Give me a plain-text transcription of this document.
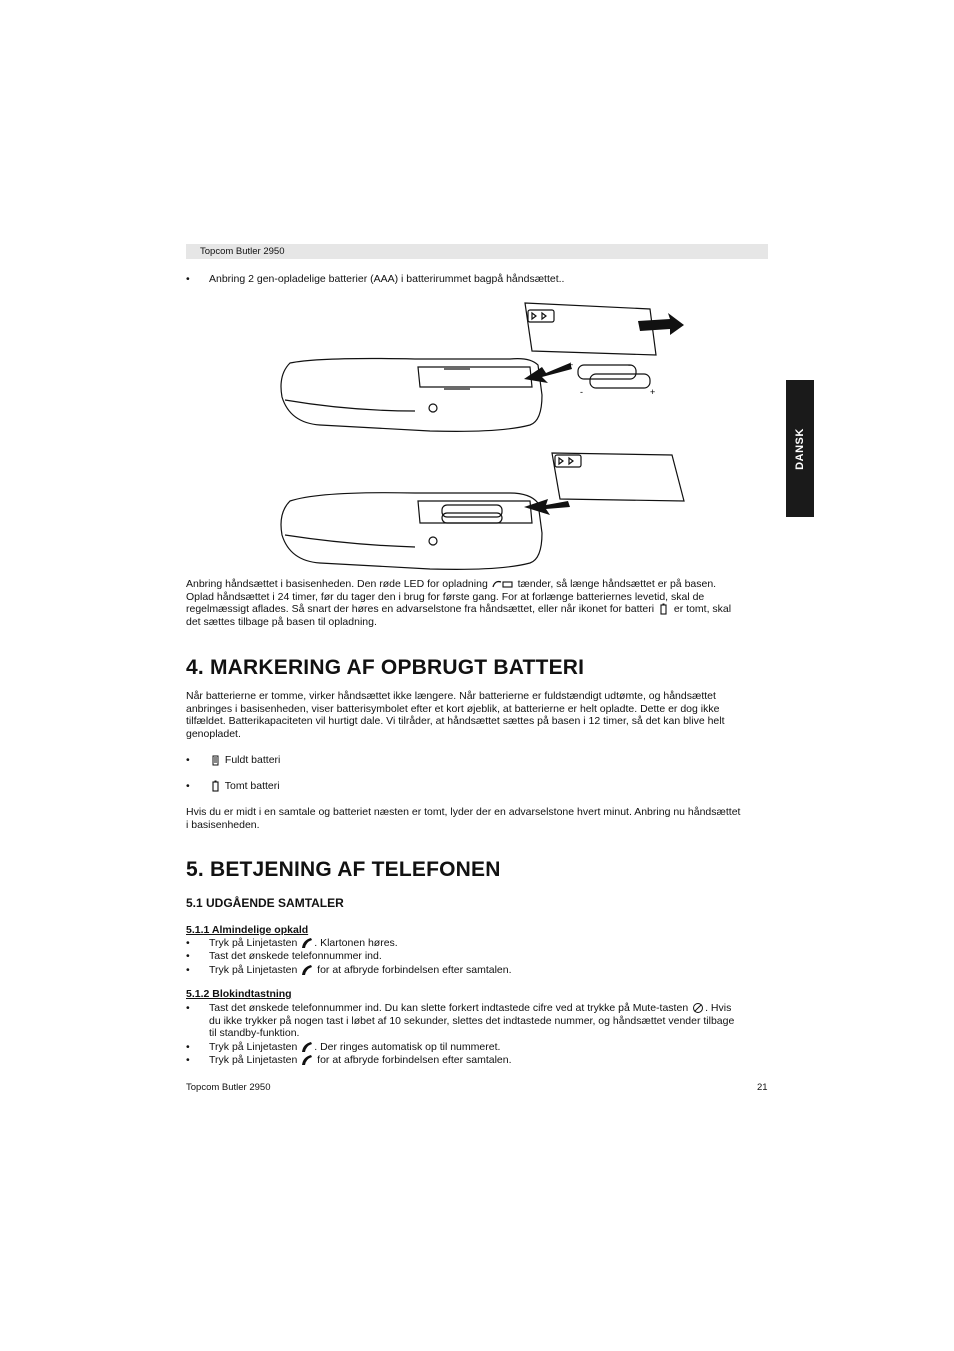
Topcom Butler 2950
DANSK
• Anbring 2 gen-opladelige batterier (AAA) i batterirummet bagpå håndsættet..
+	-
-	+
Anbring håndsættet i basisenheden. Den røde LED for opladning	tænder, så længe håndsættet er på basen.
Oplad håndsættet i 24 timer, før du tager den i brug for første gang. For at forlænge batteriernes levetid, skal de
regelmæssigt aflades. Så snart der høres en advarselstone fra håndsættet, eller når ikonet for batteri er tomt, skal
det sættes tilbage på basen til opladning.
4. MARKERING AF OPBRUGT BATTERI
Når batterierne er tomme, virker håndsættet ikke længere. Når batterierne er fuldstændigt udtømte, og håndsættet
anbringes i basisenheden, viser batterisymbolet efter et kort øjeblik, at batterierne er helt opladte. Dette er dog ikke
tilfældet. Batterikapaciteten vil hurtigt dale. Vi tilråder, at håndsættet sættes på basen i 12 timer, så det kan blive helt
genopladet.
•	Fuldt batteri
•	Tomt batteri
Hvis du er midt i en samtale og batteriet næsten er tomt, lyder der en advarselstone hvert minut. Anbring nu håndsættet
i basisenheden.
5. BETJENING AF TELEFONEN
5.1 UDGÅENDE SAMTALER
5.1.1 Almindelige opkald
• Tryk på Linjetasten . Klartonen høres.
• Tast det ønskede telefonnummer ind.
• Tryk på Linjetasten for at afbryde forbindelsen efter samtalen.
5.1.2 Blokindtastning
• Tast det ønskede telefonnummer ind. Du kan slette forkert indtastede cifre ved at trykke på Mute-tasten . Hvis
du ikke trykker på nogen tast i løbet af 10 sekunder, slettes det indtastede nummer, og håndsættet vender tilbage
til standby-funktion.
• Tryk på Linjetasten . Der ringes automatisk op til nummeret.
• Tryk på Linjetasten for at afbryde forbindelsen efter samtalen.
Topcom Butler 2950	21
